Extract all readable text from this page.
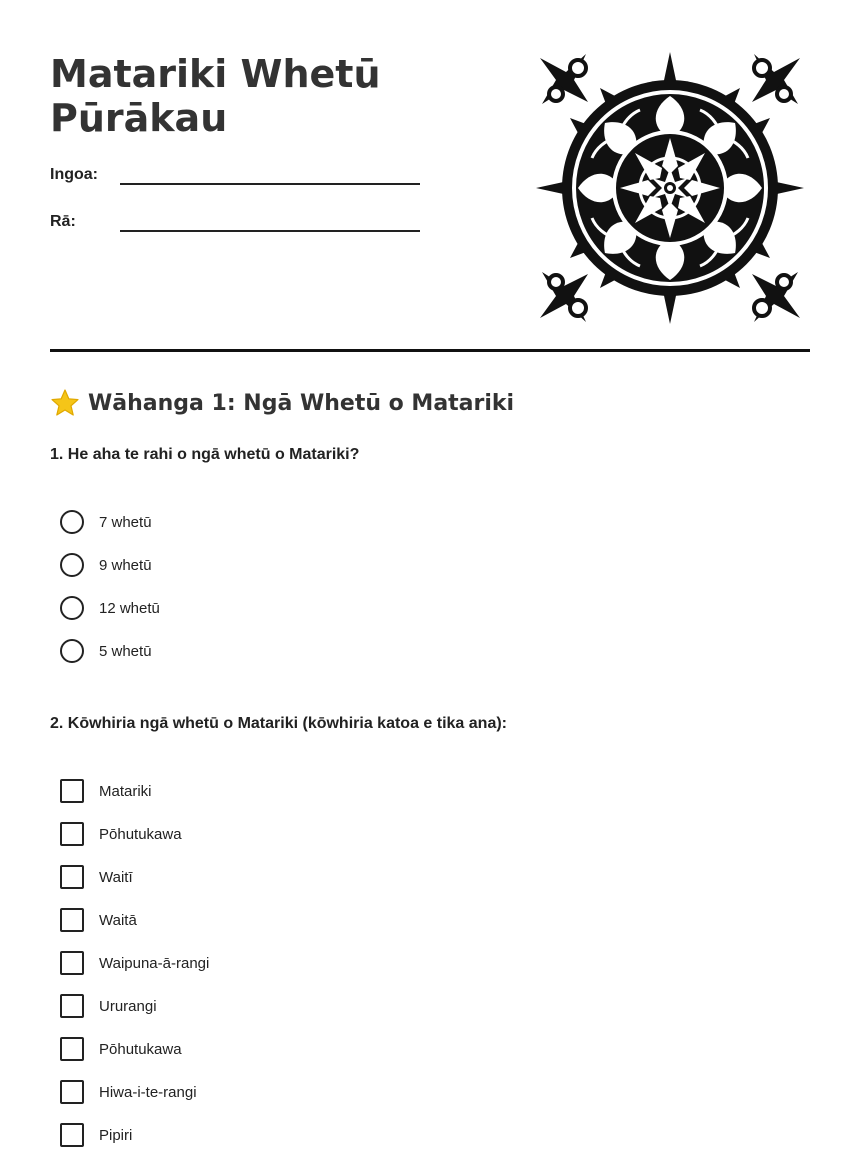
Matariki Whetū Pūrākau
Ingoa:
Rā:
Wāhanga 1: Ngā Whetū o Matariki

1. He aha te rahi o ngā whetū o Matariki?

7 whetū
9 whetū
12 whetū
5 whetū

2. Kōwhiria ngā whetū o Matariki (kōwhiria katoa e tika ana):

Matariki
Pōhutukawa
Waitī
Waitā
Waipuna-ā-rangi
Ururangi
Pōhutukawa
Hiwa-i-te-rangi
Pipiri
